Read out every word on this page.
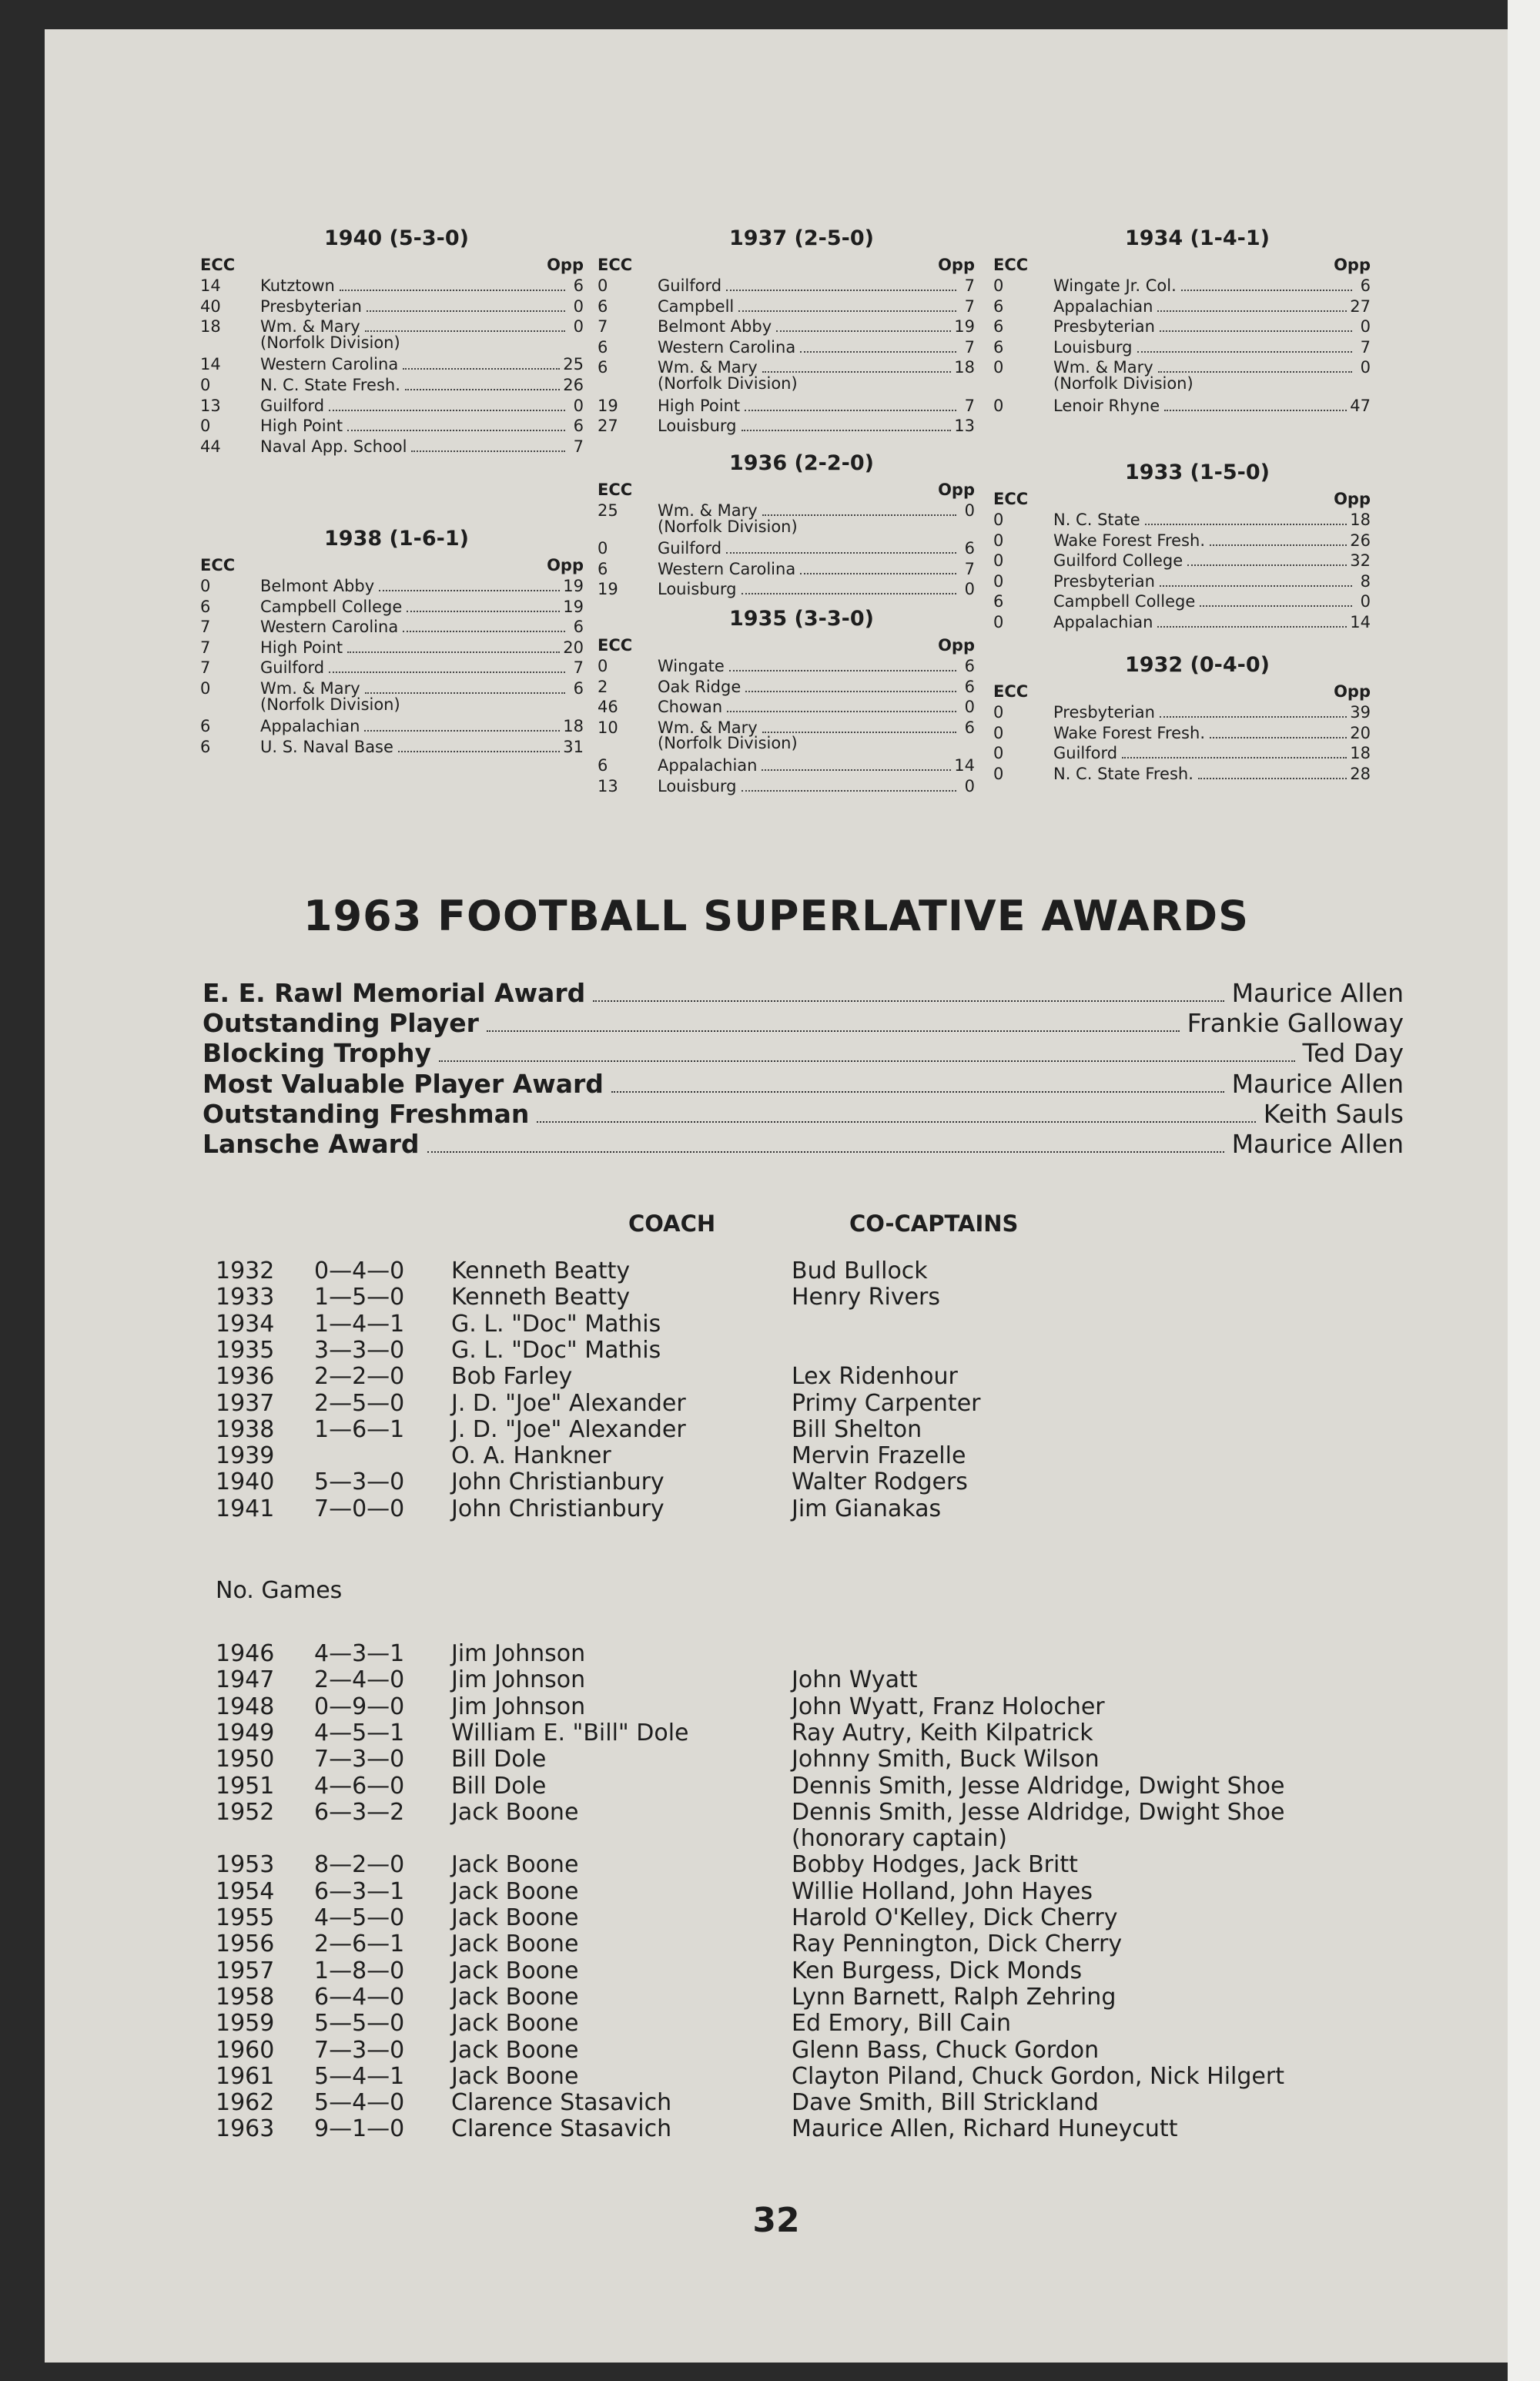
1940 (5-3-0)
ECC	Opp
14	Kutztown	6
40	Presbyterian	0
18	Wm. & Mary	0
(Norfolk Division)
14	Western Carolina	25
0	N. C. State Fresh.	26
13	Guilford	0
0	High Point	6
44	Naval App. School	7
1938 (1-6-1)
ECC	Opp
0	Belmont Abby	19
6	Campbell College	19
7	Western Carolina	6
7	High Point	20
7	Guilford	7
0	Wm. & Mary	6
(Norfolk Division)
6	Appalachian	18
6	U. S. Naval Base	31
1937 (2-5-0)
ECC	Opp
0	Guilford	7
6	Campbell	7
7	Belmont Abby	19
6	Western Carolina	7
6	Wm. & Mary	18
(Norfolk Division)
19	High Point	7
27	Louisburg	13
1936 (2-2-0)
ECC	Opp
25	Wm. & Mary	0
(Norfolk Division)
0	Guilford	6
6	Western Carolina	7
19	Louisburg	0
1935 (3-3-0)
ECC	Opp
0	Wingate	6
2	Oak Ridge	6
46	Chowan	0
10	Wm. & Mary	6
(Norfolk Division)
6	Appalachian	14
13	Louisburg	0
1934 (1-4-1)
ECC	Opp
0	Wingate Jr. Col.	6
6	Appalachian	27
6	Presbyterian	0
6	Louisburg	7
0	Wm. & Mary	0
(Norfolk Division)
0	Lenoir Rhyne	47
1933 (1-5-0)
ECC	Opp
0	N. C. State	18
0	Wake Forest Fresh.	26
0	Guilford College	32
0	Presbyterian	8
6	Campbell College	0
0	Appalachian	14
1932 (0-4-0)
ECC	Opp
0	Presbyterian	39
0	Wake Forest Fresh.	20
0	Guilford	18
0	N. C. State Fresh.	28
1963 FOOTBALL SUPERLATIVE AWARDS
E. E. Rawl Memorial Award	Maurice Allen
Outstanding Player	Frankie Galloway
Blocking Trophy	Ted Day
Most Valuable Player Award	Maurice Allen
Outstanding Freshman	Keith Sauls
Lansche Award	Maurice Allen
COACH	CO-CAPTAINS
1932 0—4—0 Kenneth Beatty	Bud Bullock
1933 1—5—0 Kenneth Beatty	Henry Rivers
1934 1—4—1 G. L. "Doc" Mathis
1935 3—3—0 G. L. "Doc" Mathis
1936 2—2—0 Bob Farley	Lex Ridenhour
1937 2—5—0 J. D. "Joe" Alexander	Primy Carpenter
1938 1—6—1 J. D. "Joe" Alexander	Bill Shelton
1939	O. A. Hankner	Mervin Frazelle
1940 5—3—0 John Christianbury	Walter Rodgers
1941 7—0—0 John Christianbury	Jim Gianakas
No. Games
1946 4—3—1 Jim Johnson
1947 2—4—0 Jim Johnson	John Wyatt
1948 0—9—0 Jim Johnson	John Wyatt, Franz Holocher
1949 4—5—1 William E. "Bill" Dole	Ray Autry, Keith Kilpatrick
1950 7—3—0 Bill Dole	Johnny Smith, Buck Wilson
1951 4—6—0 Bill Dole	Dennis Smith, Jesse Aldridge, Dwight Shoe
1952 6—3—2 Jack Boone	Dennis Smith, Jesse Aldridge, Dwight Shoe
(honorary captain)
1953 8—2—0 Jack Boone	Bobby Hodges, Jack Britt
1954 6—3—1 Jack Boone	Willie Holland, John Hayes
1955 4—5—0 Jack Boone	Harold O'Kelley, Dick Cherry
1956 2—6—1 Jack Boone	Ray Pennington, Dick Cherry
1957 1—8—0 Jack Boone	Ken Burgess, Dick Monds
1958 6—4—0 Jack Boone	Lynn Barnett, Ralph Zehring
1959 5—5—0 Jack Boone	Ed Emory, Bill Cain
1960 7—3—0 Jack Boone	Glenn Bass, Chuck Gordon
1961 5—4—1 Jack Boone	Clayton Piland, Chuck Gordon, Nick Hilgert
1962 5—4—0 Clarence Stasavich	Dave Smith, Bill Strickland
1963 9—1—0 Clarence Stasavich	Maurice Allen, Richard Huneycutt
32
